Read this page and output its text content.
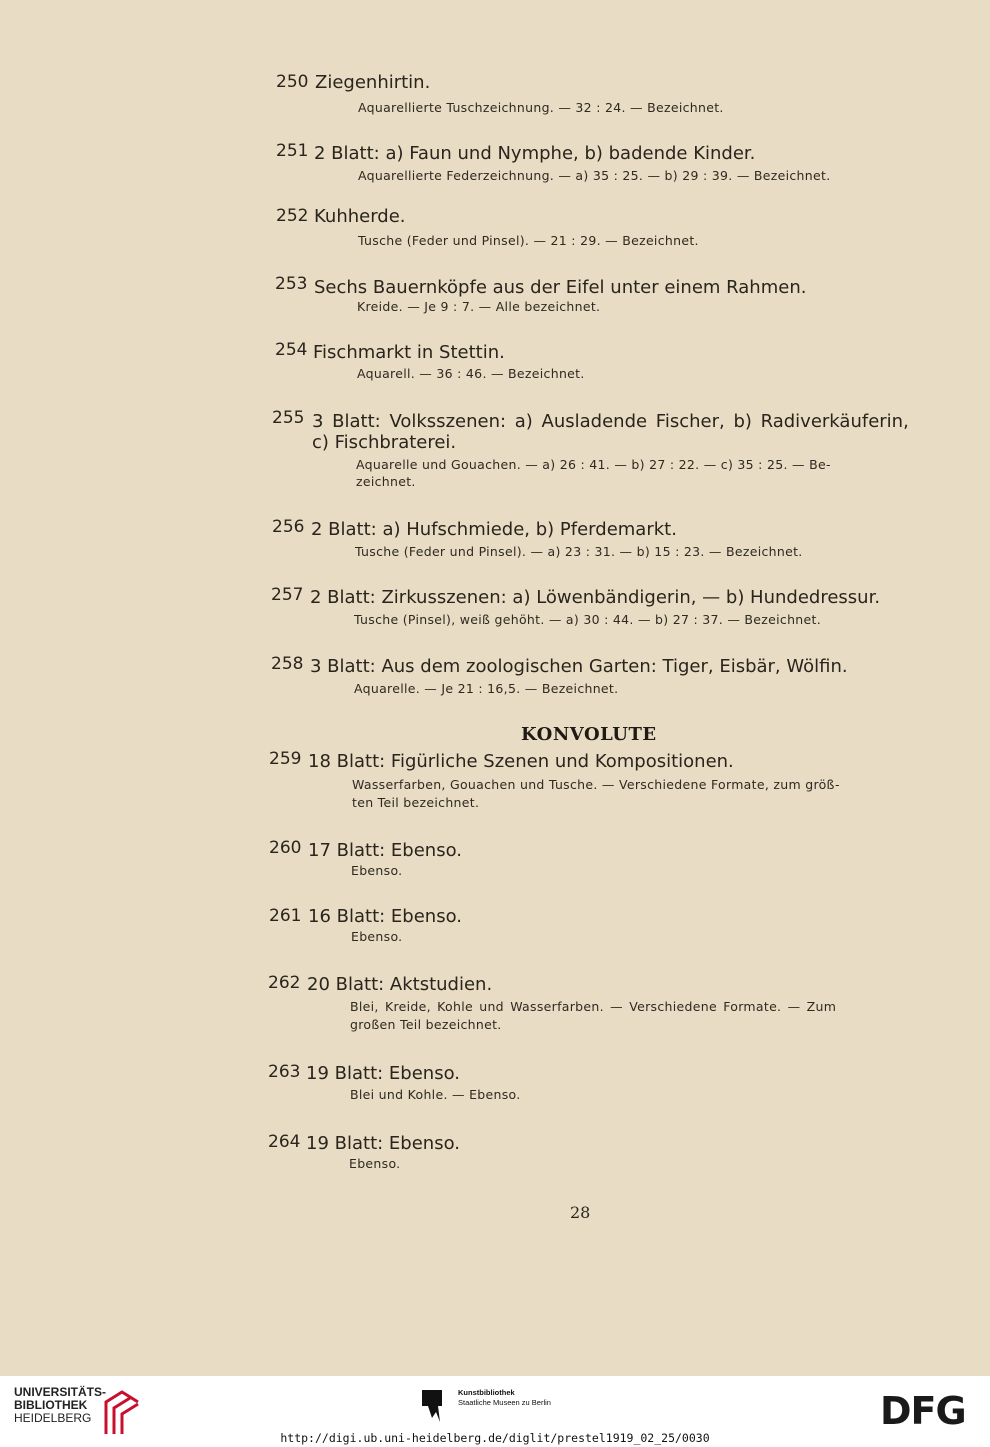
250 Ziegenhirtin.
Aquarellierte Tuschzeichnung. — 32 : 24. — Bezeichnet.
251 2 Blatt: a) Faun und Nymphe, b) badende Kinder.
Aquarellierte Federzeichnung. — a) 35 : 25. — b) 29 : 39. — Bezeichnet.
252 Kuhherde.
Tusche (Feder und Pinsel). — 21 : 29. — Bezeichnet.
253 Sechs Bauernköpfe aus der Eifel unter einem Rahmen.
Kreide. — Je 9 : 7. — Alle bezeichnet.
254 Fischmarkt in Stettin.
Aquarell. — 36 : 46. — Bezeichnet.
255 3 Blatt: Volksszenen: a) Ausladende Fischer, b) Radiverkäuferin,
c) Fischbraterei.
Aquarelle und Gouachen. — a) 26 : 41. — b) 27 : 22. — c) 35 : 25. — Be-
zeichnet.
256 2 Blatt: a) Hufschmiede, b) Pferdemarkt.
Tusche (Feder und Pinsel). — a) 23 : 31. — b) 15 : 23. — Bezeichnet.
257 2 Blatt: Zirkusszenen: a) Löwenbändigerin, — b) Hundedressur.
Tusche (Pinsel), weiß gehöht. — a) 30 : 44. — b) 27 : 37. — Bezeichnet.
258 3 Blatt: Aus dem zoologischen Garten: Tiger, Eisbär, Wölfin.
Aquarelle. — Je 21 : 16,5. — Bezeichnet.
KONVOLUTE
259 18 Blatt: Figürliche Szenen und Kompositionen.
Wasserfarben, Gouachen und Tusche. — Verschiedene Formate, zum größ-
ten Teil bezeichnet.
260 17 Blatt: Ebenso.
Ebenso.
261 16 Blatt: Ebenso.
Ebenso.
262 20 Blatt: Aktstudien.
Blei, Kreide, Kohle und Wasserfarben. — Verschiedene Formate. — Zum
großen Teil bezeichnet.
263 19 Blatt: Ebenso.
Blei und Kohle. — Ebenso.
264 19 Blatt: Ebenso.
Ebenso.
28
UNIVERSITÄTS-
BIBLIOTHEK
HEIDELBERG
Kunstbibliothek
Staatliche Museen zu Berlin	DFG
http://digi.ub.uni-heidelberg.de/diglit/prestel1919_02_25/0030
